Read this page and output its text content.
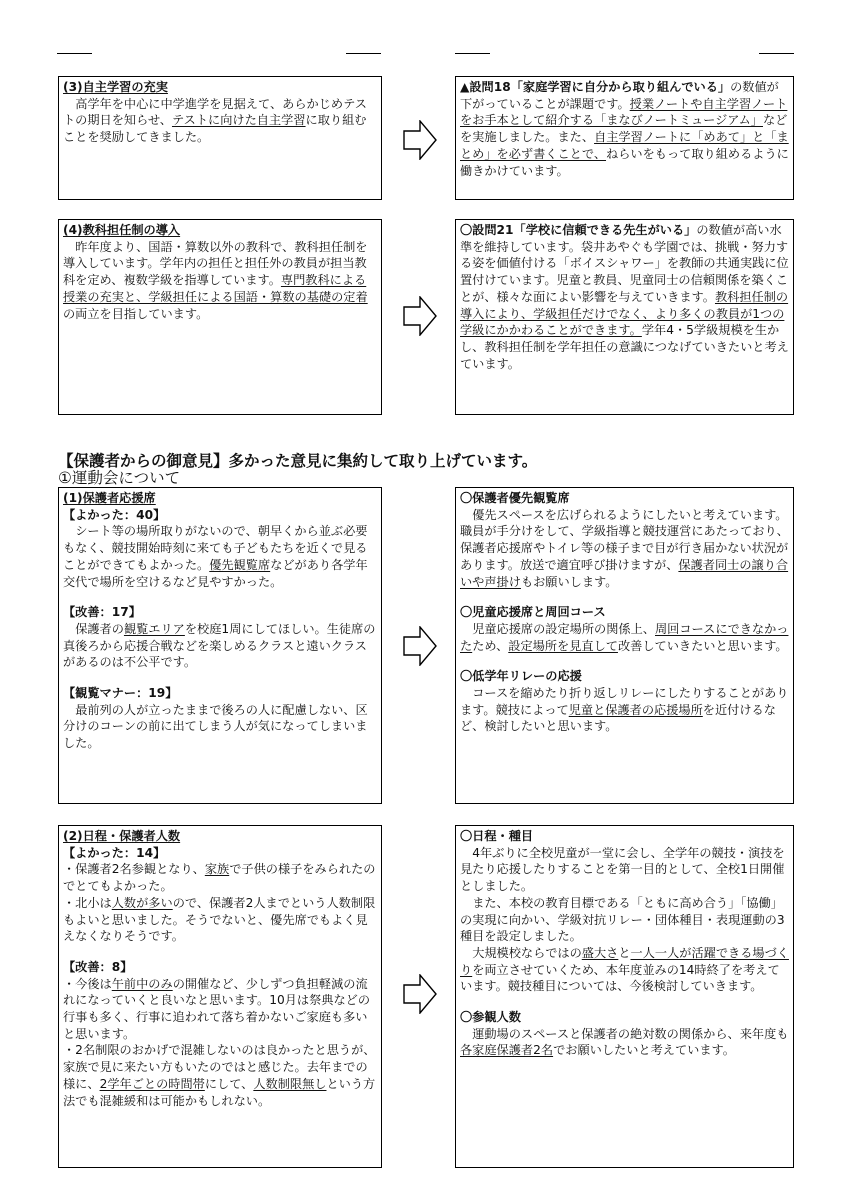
(3)自主学習の充実

高学年を中心に中学進学を見据えて、あらかじめテストの期日を知らせ、テストに向けた自主学習に取り組むことを奨励してきました。

▲設問18「家庭学習に自分から取り組んでいる」の数値が下がっていることが課題です。授業ノートや自主学習ノートをお手本として紹介する「まなびノートミュージアム」などを実施しました。また、自主学習ノートに「めあて」と「まとめ」を必ず書くことで、ねらいをもって取り組めるように働きかけています。

(4)教科担任制の導入

昨年度より、国語・算数以外の教科で、教科担任制を導入しています。学年内の担任と担任外の教員が担当教科を定め、複数学級を指導しています。専門教科による授業の充実と、学級担任による国語・算数の基礎の定着の両立を目指しています。

〇設問21「学校に信頼できる先生がいる」の数値が高い水準を維持しています。袋井あやぐも学園では、挑戦・努力する姿を価値付ける「ボイスシャワー」を教師の共通実践に位置付けています。児童と教員、児童同士の信頼関係を築くことが、様々な面によい影響を与えていきます。教科担任制の導入により、学級担任だけでなく、より多くの教員が1つの学級にかかわることができます。学年4・5学級規模を生かし、教科担任制を学年担任の意識につなげていきたいと考えています。

【保護者からの御意見】多かった意見に集約して取り上げています。
①運動会について

(1)保護者応援席

【よかった：40】

シート等の場所取りがないので、朝早くから並ぶ必要もなく、競技開始時刻に来ても子どもたちを近くで見ることができてもよかった。優先観覧席などがあり各学年交代で場所を空けるなど見やすかった。

【改善：17】

保護者の観覧エリアを校庭1周にしてほしい。生徒席の真後ろから応援合戦などを楽しめるクラスと遠いクラスがあるのは不公平です。

【観覧マナー：19】

最前列の人が立ったままで後ろの人に配慮しない、区分けのコーンの前に出てしまう人が気になってしまいました。

〇保護者優先観覧席

優先スペースを広げられるようにしたいと考えています。職員が手分けをして、学級指導と競技運営にあたっており、保護者応援席やトイレ等の様子まで目が行き届かない状況があります。放送で適宜呼び掛けますが、保護者同士の譲り合いや声掛けもお願いします。

〇児童応援席と周回コース

児童応援席の設定場所の関係上、周回コースにできなかったため、設定場所を見直して改善していきたいと思います。

〇低学年リレーの応援

コースを縮めたり折り返しリレーにしたりすることがあります。競技によって児童と保護者の応援場所を近付けるなど、検討したいと思います。

(2)日程・保護者人数

【よかった：14】

・保護者2名参観となり、家族で子供の様子をみられたのでとてもよかった。

・北小は人数が多いので、保護者2人までという人数制限もよいと思いました。そうでないと、優先席でもよく見えなくなりそうです。

【改善：8】

・今後は午前中のみの開催など、少しずつ負担軽減の流れになっていくと良いなと思います。10月は祭典などの行事も多く、行事に追われて落ち着かないご家庭も多いと思います。

・2名制限のおかげで混雑しないのは良かったと思うが、家族で見に来たい方もいたのではと感じた。去年までの様に、2学年ごとの時間帯にして、人数制限無しという方法でも混雑緩和は可能かもしれない。

〇日程・種目

4年ぶりに全校児童が一堂に会し、全学年の競技・演技を見たり応援したりすることを第一目的として、全校1日開催としました。

また、本校の教育目標である「ともに高め合う」「協働」の実現に向かい、学級対抗リレー・団体種目・表現運動の3種目を設定しました。

大規模校ならではの盛大さと一人一人が活躍できる場づくりを両立させていくため、本年度並みの14時終了を考えています。競技種目については、今後検討していきます。

〇参観人数

運動場のスペースと保護者の絶対数の関係から、来年度も各家庭保護者2名でお願いしたいと考えています。
